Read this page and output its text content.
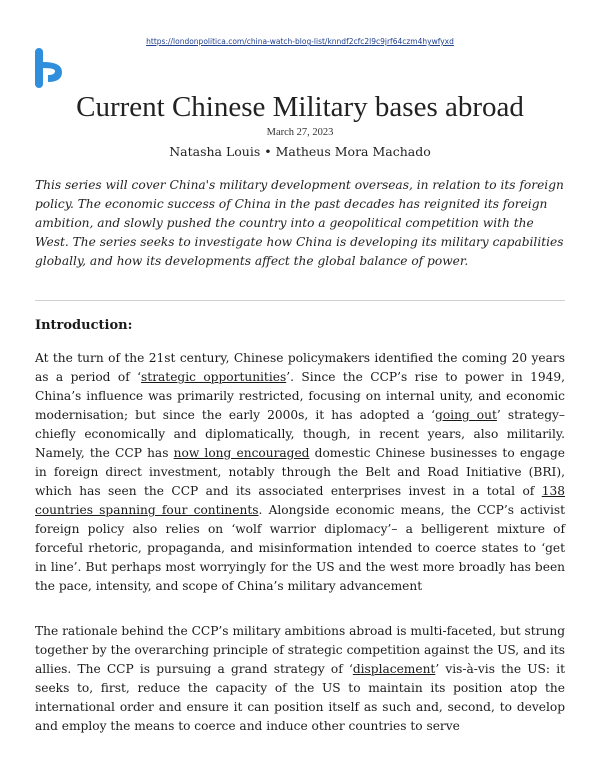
https://londonpolitica.com/china-watch-blog-list/knndf2cfc2l9c9jrf64czm4hywfyxd
Current Chinese Military bases abroad
March 27, 2023
Natasha Louis • Matheus Mora Machado
This series will cover China's military development overseas, in relation to its foreign policy. The economic success of China in the past decades has reignited its foreign ambition, and slowly pushed the country into a geopolitical competition with the West. The series seeks to investigate how China is developing its military capabilities globally, and how its developments affect the global balance of power.
Introduction:

At the turn of the 21st century, Chinese policymakers identified the coming 20 years as a period of ‘strategic opportunities’. Since the CCP’s rise to power in 1949, China’s influence was primarily restricted, focusing on internal unity, and economic modernisation; but since the early 2000s, it has adopted a ‘going out’ strategy–chiefly economically and diplomatically, though, in recent years, also militarily. Namely, the CCP has now long encouraged domestic Chinese businesses to engage in foreign direct investment, notably through the Belt and Road Initiative (BRI), which has seen the CCP and its associated enterprises invest in a total of 138 countries spanning four continents. Alongside economic means, the CCP’s activist foreign policy also relies on ‘wolf warrior diplomacy’– a belligerent mixture of forceful rhetoric, propaganda, and misinformation intended to coerce states to ‘get in line’. But perhaps most worryingly for the US and the west more broadly has been the pace, intensity, and scope of China’s military advancement

The rationale behind the CCP’s military ambitions abroad is multi-faceted, but strung together by the overarching principle of strategic competition against the US, and its allies. The CCP is pursuing a grand strategy of ‘displacement’ vis-à-vis the US: it seeks to, first, reduce the capacity of the US to maintain its position atop the international order and ensure it can position itself as such and, second, to develop and employ the means to coerce and induce other countries to serve
